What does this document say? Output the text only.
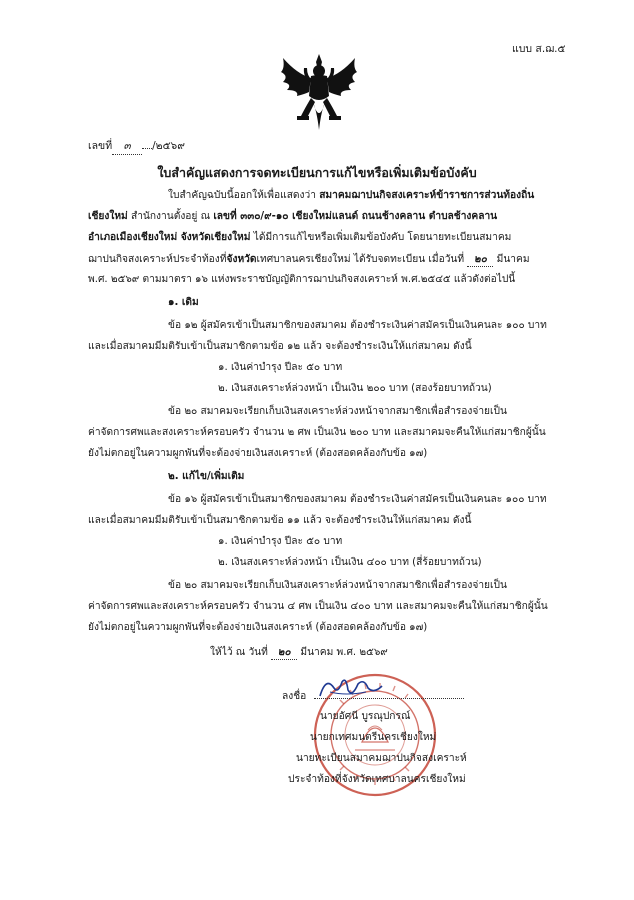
แบบ ส.ฌ.๕
เลขที่ ๓ /๒๕๖๙
ใบสำคัญแสดงการจดทะเบียนการแก้ไขหรือเพิ่มเติมข้อบังคับ
ใบสำคัญฉบับนี้ออกให้เพื่อแสดงว่า สมาคมฌาปนกิจสงเคราะห์ข้าราชการส่วนท้องถิ่น
เชียงใหม่ สำนักงานตั้งอยู่ ณ เลขที่ ๓๓๐/๙-๑๐ เชียงใหม่แลนด์ ถนนช้างคลาน ตำบลช้างคลาน
อำเภอเมืองเชียงใหม่ จังหวัดเชียงใหม่ ได้มีการแก้ไขหรือเพิ่มเติมข้อบังคับ โดยนายทะเบียนสมาคม
ฌาปนกิจสงเคราะห์ประจำท้องที่จังหวัดเทศบาลนครเชียงใหม่ ได้รับจดทะเบียน เมื่อวันที่ ๒๐ มีนาคม
พ.ศ. ๒๕๖๙ ตามมาตรา ๑๖ แห่งพระราชบัญญัติการฌาปนกิจสงเคราะห์ พ.ศ.๒๕๔๕ แล้วดังต่อไปนี้
๑. เดิม
ข้อ ๑๒ ผู้สมัครเข้าเป็นสมาชิกของสมาคม ต้องชำระเงินค่าสมัครเป็นเงินคนละ ๑๐๐ บาท
และเมื่อสมาคมมีมติรับเข้าเป็นสมาชิกตามข้อ ๑๒ แล้ว จะต้องชำระเงินให้แก่สมาคม ดังนี้
๑. เงินค่าบำรุง ปีละ ๕๐ บาท
๒. เงินสงเคราะห์ล่วงหน้า เป็นเงิน ๒๐๐ บาท (สองร้อยบาทถ้วน)
ข้อ ๒๐ สมาคมจะเรียกเก็บเงินสงเคราะห์ล่วงหน้าจากสมาชิกเพื่อสำรองจ่ายเป็น
ค่าจัดการศพและสงเคราะห์ครอบครัว จำนวน ๒ ศพ เป็นเงิน ๒๐๐ บาท และสมาคมจะคืนให้แก่สมาชิกผู้นั้น
ยังไม่ตกอยู่ในความผูกพันที่จะต้องจ่ายเงินสงเคราะห์ (ต้องสอดคล้องกับข้อ ๑๗)
๒. แก้ไข/เพิ่มเติม
ข้อ ๑๖ ผู้สมัครเข้าเป็นสมาชิกของสมาคม ต้องชำระเงินค่าสมัครเป็นเงินคนละ ๑๐๐ บาท
และเมื่อสมาคมมีมติรับเข้าเป็นสมาชิกตามข้อ ๑๑ แล้ว จะต้องชำระเงินให้แก่สมาคม ดังนี้
๑. เงินค่าบำรุง ปีละ ๕๐ บาท
๒. เงินสงเคราะห์ล่วงหน้า เป็นเงิน ๔๐๐ บาท (สี่ร้อยบาทถ้วน)
ข้อ ๒๐ สมาคมจะเรียกเก็บเงินสงเคราะห์ล่วงหน้าจากสมาชิกเพื่อสำรองจ่ายเป็น
ค่าจัดการศพและสงเคราะห์ครอบครัว จำนวน ๔ ศพ เป็นเงิน ๔๐๐ บาท และสมาคมจะคืนให้แก่สมาชิกผู้นั้น
ยังไม่ตกอยู่ในความผูกพันที่จะต้องจ่ายเงินสงเคราะห์ (ต้องสอดคล้องกับข้อ ๑๗)
ให้ไว้ ณ วันที่ ๒๐ มีนาคม พ.ศ. ๒๕๖๙
ลงชื่อ
นายอัศนี บูรณุปกรณ์
นายกเทศมนตรีนครเชียงใหม่
นายทะเบียนสมาคมฌาปนกิจสงเคราะห์
ประจำท้องที่จังหวัดเทศบาลนครเชียงใหม่
